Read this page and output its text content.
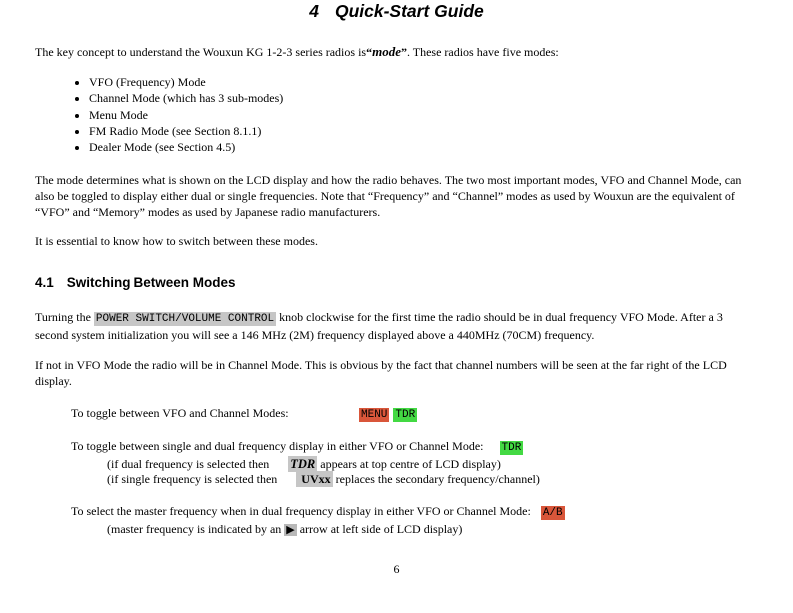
4 Quick-Start Guide

The key concept to understand the Wouxun KG 1-2-3 series radios is“mode”. These radios have five modes:

• VFO (Frequency) Mode
• Channel Mode (which has 3 sub-modes)
• Menu Mode
• FM Radio Mode (see Section 8.1.1)
• Dealer Mode (see Section 4.5)

The mode determines what is shown on the LCD display and how the radio behaves. The two most important modes, VFO and Channel Mode, can also be toggled to display either dual or single frequencies. Note that “Frequency” and “Channel” modes as used by Wouxun are the equivalent of “VFO” and “Memory” modes as used by Japanese radio manufacturers.

It is essential to know how to switch between these modes.

4.1 Switching Between Modes

Turning the POWER SWITCH/VOLUME CONTROL knob clockwise for the first time the radio should be in dual frequency VFO Mode. After a 3 second system initialization you will see a 146 MHz (2M) frequency displayed above a 440MHz (70CM) frequency.

If not in VFO Mode the radio will be in Channel Mode. This is obvious by the fact that channel numbers will be seen at the far right of the LCD display.

To toggle between VFO and Channel Modes:	MENU TDR

To toggle between single and dual frequency display in either VFO or Channel Mode: TDR

(if dual frequency is selected then TDR appears at top centre of LCD display)

(if single frequency is selected then  UVxx replaces the secondary frequency/channel)

To select the master frequency when in dual frequency display in either VFO or Channel Mode: A/B

(master frequency is indicated by an ▶ arrow at left side of LCD display)

6
